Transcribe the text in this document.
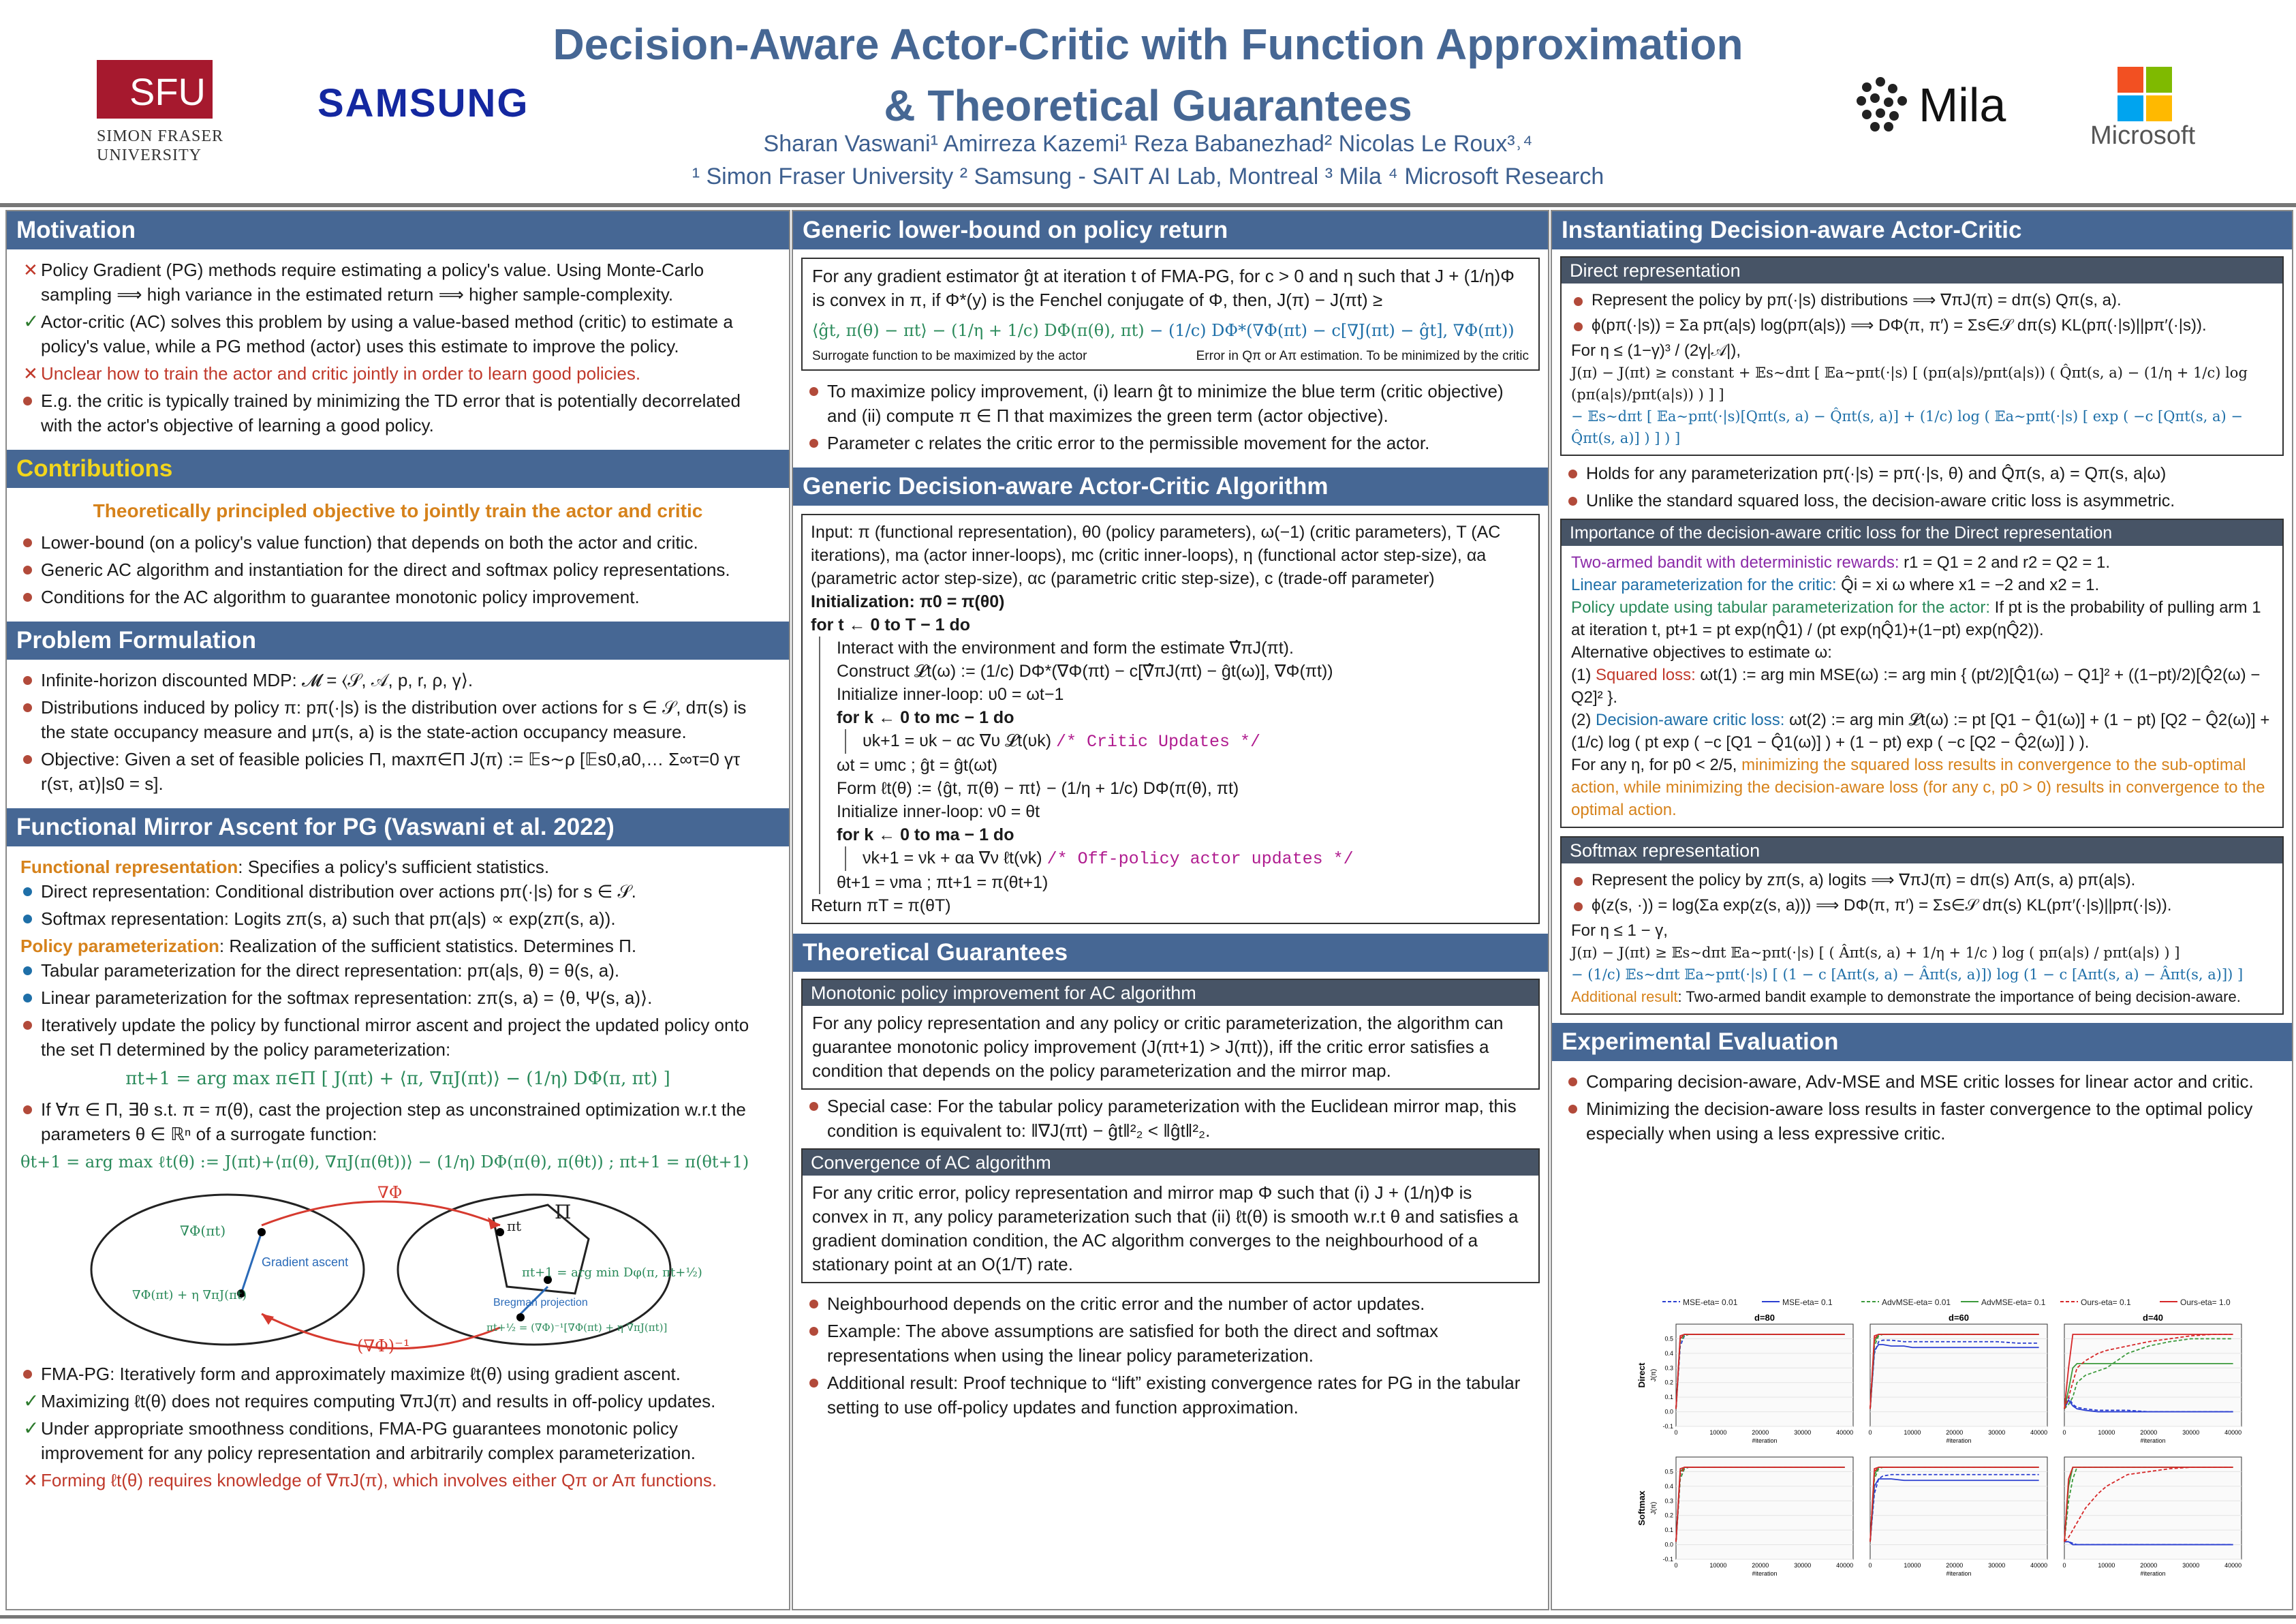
SFU
SIMON FRASER
UNIVERSITY
SAMSUNG
Decision-Aware Actor-Critic with Function Approximation
& Theoretical Guarantees
Sharan Vaswani¹ Amirreza Kazemi¹ Reza Babanezhad² Nicolas Le Roux³˒⁴
¹ Simon Fraser University ² Samsung - SAIT AI Lab, Montreal ³ Mila ⁴ Microsoft Research
Mila
Microsoft
Motivation
✕ Policy Gradient (PG) methods require estimating a policy's value. Using Monte-Carlo sampling ⟹ high variance in the estimated return ⟹ higher sample-complexity.
✓ Actor-critic (AC) solves this problem by using a value-based method (critic) to estimate a policy's value, while a PG method (actor) uses this estimate to improve the policy.
✕ Unclear how to train the actor and critic jointly in order to learn good policies.
E.g. the critic is typically trained by minimizing the TD error that is potentially decorrelated with the actor's objective of learning a good policy.
Contributions
Theoretically principled objective to jointly train the actor and critic
Lower-bound (on a policy's value function) that depends on both the actor and critic.
Generic AC algorithm and instantiation for the direct and softmax policy representations.
Conditions for the AC algorithm to guarantee monotonic policy improvement.
Problem Formulation
Infinite-horizon discounted MDP: 𝓜 = ⟨𝒮, 𝒜, p, r, ρ, γ⟩.
Distributions induced by policy π: pπ(·|s) is the distribution over actions for s ∈ 𝒮, dπ(s) is the state occupancy measure and μπ(s, a) is the state-action occupancy measure.
Objective: Given a set of feasible policies Π, maxπ∈Π J(π) := 𝔼s∼ρ [𝔼s0,a0,… Σ∞τ=0 γτ r(sτ, aτ)|s0 = s].
Functional Mirror Ascent for PG (Vaswani et al. 2022)
Functional representation: Specifies a policy's sufficient statistics.
Direct representation: Conditional distribution over actions pπ(·|s) for s ∈ 𝒮.
Softmax representation: Logits zπ(s, a) such that pπ(a|s) ∝ exp(zπ(s, a)).
Policy parameterization: Realization of the sufficient statistics. Determines Π.
Tabular parameterization for the direct representation: pπ(a|s, θ) = θ(s, a).
Linear parameterization for the softmax representation: zπ(s, a) = ⟨θ, Ψ(s, a)⟩.
Iteratively update the policy by functional mirror ascent and project the updated policy onto the set Π determined by the policy parameterization:
πt+1 = arg max π∈Π [ J(πt) + ⟨π, ∇πJ(πt)⟩ − (1/η) DΦ(π, πt) ]
If ∀π ∈ Π, ∃θ s.t. π = π(θ), cast the projection step as unconstrained optimization w.r.t the parameters θ ∈ ℝⁿ of a surrogate function:
θt+1 = arg max ℓt(θ) := J(πt)+⟨π(θ), ∇πJ(π(θt))⟩ − (1/η) DΦ(π(θ), π(θt)) ; πt+1 = π(θt+1)
∇Φ
(∇Φ)⁻¹
Π
∇Φ(πt)
Gradient ascent
∇Φ(πt) + η ∇πJ(πt)
πt
πt+1 = arg min Dφ(π, πt+½)
Bregman projection
πt+½ = (∇Φ)⁻¹[∇Φ(πt) + η ∇πJ(πt)]
FMA-PG: Iteratively form and approximately maximize ℓt(θ) using gradient ascent.
✓ Maximizing ℓt(θ) does not requires computing ∇πJ(π) and results in off-policy updates.
✓ Under appropriate smoothness conditions, FMA-PG guarantees monotonic policy improvement for any policy representation and arbitrarily complex parameterization.
✕ Forming ℓt(θ) requires knowledge of ∇πJ(π), which involves either Qπ or Aπ functions.
Generic lower-bound on policy return
For any gradient estimator ĝt at iteration t of FMA-PG, for c > 0 and η such that J + (1/η)Φ is convex in π, if Φ*(y) is the Fenchel conjugate of Φ, then, J(π) − J(πt) ≥
⟨ĝt, π(θ) − πt⟩ − (1/η + 1/c) DΦ(π(θ), πt) − (1/c) DΦ*(∇Φ(πt) − c[∇J(πt) − ĝt], ∇Φ(πt))
Surrogate function to be maximized by the actor	Error in Qπ or Aπ estimation. To be minimized by the critic
To maximize policy improvement, (i) learn ĝt to minimize the blue term (critic objective) and (ii) compute π ∈ Π that maximizes the green term (actor objective).
Parameter c relates the critic error to the permissible movement for the actor.
Generic Decision-aware Actor-Critic Algorithm
Input: π (functional representation), θ0 (policy parameters), ω(−1) (critic parameters), T (AC iterations), ma (actor inner-loops), mc (critic inner-loops), η (functional actor step-size), αa (parametric actor step-size), αc (parametric critic step-size), c (trade-off parameter)
Initialization: π0 = π(θ0)
for t ← 0 to T − 1 do
Interact with the environment and form the estimate ∇̂πJ(πt).
Construct 𝓛t(ω) := (1/c) DΦ*(∇Φ(πt) − c[∇̂πJ(πt) − ĝt(ω)], ∇Φ(πt))
Initialize inner-loop: υ0 = ωt−1
for k ← 0 to mc − 1 do
υk+1 = υk − αc ∇υ 𝓛t(υk) /* Critic Updates */
ωt = υmc ; ĝt = ĝt(ωt)
Form ℓt(θ) := ⟨ĝt, π(θ) − πt⟩ − (1/η + 1/c) DΦ(π(θ), πt)
Initialize inner-loop: ν0 = θt
for k ← 0 to ma − 1 do
νk+1 = νk + αa ∇ν ℓt(νk) /* Off-policy actor updates */
θt+1 = νma ; πt+1 = π(θt+1)
Return πT = π(θT)
Theoretical Guarantees
Monotonic policy improvement for AC algorithm
For any policy representation and any policy or critic parameterization, the algorithm can guarantee monotonic policy improvement (J(πt+1) > J(πt)), iff the critic error satisfies a condition that depends on the policy parameterization and the mirror map.
Special case: For the tabular policy parameterization with the Euclidean mirror map, this condition is equivalent to: ‖∇J(πt) − ĝt‖²₂ < ‖ĝt‖²₂.
Convergence of AC algorithm
For any critic error, policy representation and mirror map Φ such that (i) J + (1/η)Φ is convex in π, any policy parameterization such that (ii) ℓt(θ) is smooth w.r.t θ and satisfies a gradient domination condition, the AC algorithm converges to the neighbourhood of a stationary point at an O(1/T) rate.
Neighbourhood depends on the critic error and the number of actor updates.
Example: The above assumptions are satisfied for both the direct and softmax representations when using the linear policy parameterization.
Additional result: Proof technique to “lift” existing convergence rates for PG in the tabular setting to use off-policy updates and function approximation.
Instantiating Decision-aware Actor-Critic
Direct representation
Represent the policy by pπ(·|s) distributions ⟹ ∇πJ(π) = dπ(s) Qπ(s, a).
ϕ(pπ(·|s)) = Σa pπ(a|s) log(pπ(a|s)) ⟹ DΦ(π, π′) = Σs∈𝒮 dπ(s) KL(pπ(·|s)||pπ′(·|s)).
For η ≤ (1−γ)³ / (2γ|𝒜|),
J(π) − J(πt) ≥ constant + 𝔼s∼dπt [ 𝔼a∼pπt(·|s) [ (pπ(a|s)/pπt(a|s)) ( Q̂πt(s, a) − (1/η + 1/c) log (pπ(a|s)/pπt(a|s)) ) ] ]
− 𝔼s∼dπt [ 𝔼a∼pπt(·|s)[Qπt(s, a) − Q̂πt(s, a)] + (1/c) log ( 𝔼a∼pπt(·|s) [ exp ( −c [Qπt(s, a) − Q̂πt(s, a)] ) ] ) ]
Holds for any parameterization pπ(·|s) = pπ(·|s, θ) and Q̂π(s, a) = Qπ(s, a|ω)
Unlike the standard squared loss, the decision-aware critic loss is asymmetric.
Importance of the decision-aware critic loss for the Direct representation
Two-armed bandit with deterministic rewards: r1 = Q1 = 2 and r2 = Q2 = 1.
Linear parameterization for the critic: Q̂i = xi ω where x1 = −2 and x2 = 1.
Policy update using tabular parameterization for the actor: If pt is the probability of pulling arm 1 at iteration t, pt+1 = pt exp(ηQ̂1) / (pt exp(ηQ̂1)+(1−pt) exp(ηQ̂2)).
Alternative objectives to estimate ω:
(1) Squared loss: ωt(1) := arg min MSE(ω) := arg min { (pt/2)[Q̂1(ω) − Q1]² + ((1−pt)/2)[Q̂2(ω) − Q2]² }.
(2) Decision-aware critic loss: ωt(2) := arg min 𝓛t(ω) := pt [Q1 − Q̂1(ω)] + (1 − pt) [Q2 − Q̂2(ω)] + (1/c) log ( pt exp ( −c [Q1 − Q̂1(ω)] ) + (1 − pt) exp ( −c [Q2 − Q̂2(ω)] ) ).
For any η, for p0 < 2/5, minimizing the squared loss results in convergence to the sub-optimal action, while minimizing the decision-aware loss (for any c, p0 > 0) results in convergence to the optimal action.
Softmax representation
Represent the policy by zπ(s, a) logits ⟹ ∇πJ(π) = dπ(s) Aπ(s, a) pπ(a|s).
ϕ(z(s, ·)) = log(Σa exp(z(s, a))) ⟹ DΦ(π, π′) = Σs∈𝒮 dπ(s) KL(pπ′(·|s)||pπ(·|s)).
For η ≤ 1 − γ,
J(π) − J(πt) ≥ 𝔼s∼dπt 𝔼a∼pπt(·|s) [ ( Âπt(s, a) + 1/η + 1/c ) log ( pπ(a|s) / pπt(a|s) ) ]
− (1/c) 𝔼s∼dπt 𝔼a∼pπt(·|s) [ (1 − c [Aπt(s, a) − Âπt(s, a)]) log (1 − c [Aπt(s, a) − Âπt(s, a)]) ]
Additional result: Two-armed bandit example to demonstrate the importance of being decision-aware.
Experimental Evaluation
Comparing decision-aware, Adv-MSE and MSE critic losses for linear actor and critic.
Minimizing the decision-aware loss results in faster convergence to the optimal policy especially when using a less expressive critic.
MSE-eta= 0.01	MSE-eta= 0.1	AdvMSE-eta= 0.01	AdvMSE-eta= 0.1	Ours-eta= 0.1	Ours-eta= 1.0
d=80	d=60	d=40
Direct J(π)
Softmax J(π)
-0.1
0.0
0.1
0.2
0.3
0.4
0.5
0	10000	20000	30000	40000
#iteration
0	10000	20000	30000	40000
#iteration
0	10000	20000	30000	40000
#iteration
-0.1
0.0
0.1
0.2
0.3
0.4
0.5
0	10000	20000	30000	40000
#iteration
0	10000	20000	30000	40000
#iteration
0	10000	20000	30000	40000
#iteration
